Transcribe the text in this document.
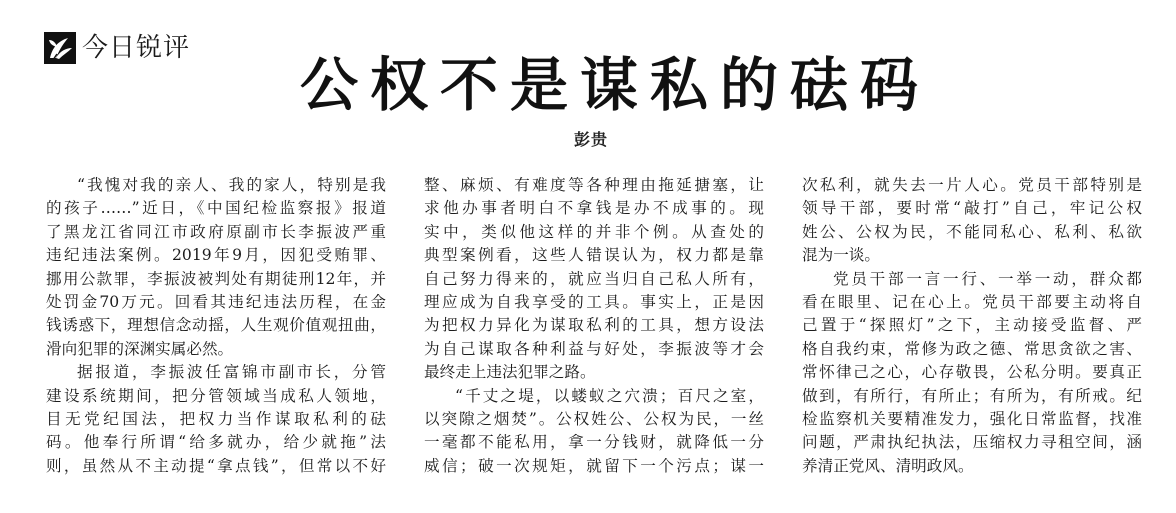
今日锐评
公权不是谋私的砝码
彭贵
“我愧对我的亲人、我的家人，特别是我
的孩子……”近日，《中国纪检监察报》报道
了黑龙江省同江市政府原副市长李振波严重
违纪违法案例。2019年9月，因犯受贿罪、
挪用公款罪，李振波被判处有期徒刑12年，并
处罚金70万元。回看其违纪违法历程，在金
钱诱惑下，理想信念动摇，人生观价值观扭曲，
滑向犯罪的深渊实属必然。
据报道，李振波任富锦市副市长，分管
建设系统期间，把分管领域当成私人领地，
目无党纪国法，把权力当作谋取私利的砝
码。他奉行所谓“给多就办，给少就拖”法
则，虽然从不主动提“拿点钱”，但常以不好
整、麻烦、有难度等各种理由拖延搪塞，让
求他办事者明白不拿钱是办不成事的。现
实中，类似他这样的并非个例。从查处的
典型案例看，这些人错误认为，权力都是靠
自己努力得来的，就应当归自己私人所有，
理应成为自我享受的工具。事实上，正是因
为把权力异化为谋取私利的工具，想方设法
为自己谋取各种利益与好处，李振波等才会
最终走上违法犯罪之路。
“千丈之堤，以蝼蚁之穴溃；百尺之室，
以突隙之烟焚”。公权姓公、公权为民，一丝
一毫都不能私用，拿一分钱财，就降低一分
威信；破一次规矩，就留下一个污点；谋一
次私利，就失去一片人心。党员干部特别是
领导干部，要时常“敲打”自己，牢记公权
姓公、公权为民，不能同私心、私利、私欲
混为一谈。
党员干部一言一行、一举一动，群众都
看在眼里、记在心上。党员干部要主动将自
己置于“探照灯”之下，主动接受监督、严
格自我约束，常修为政之德、常思贪欲之害、
常怀律己之心，心存敬畏，公私分明。要真正
做到，有所行，有所止；有所为，有所戒。纪
检监察机关要精准发力，强化日常监督，找准
问题，严肃执纪执法，压缩权力寻租空间，涵
养清正党风、清明政风。
